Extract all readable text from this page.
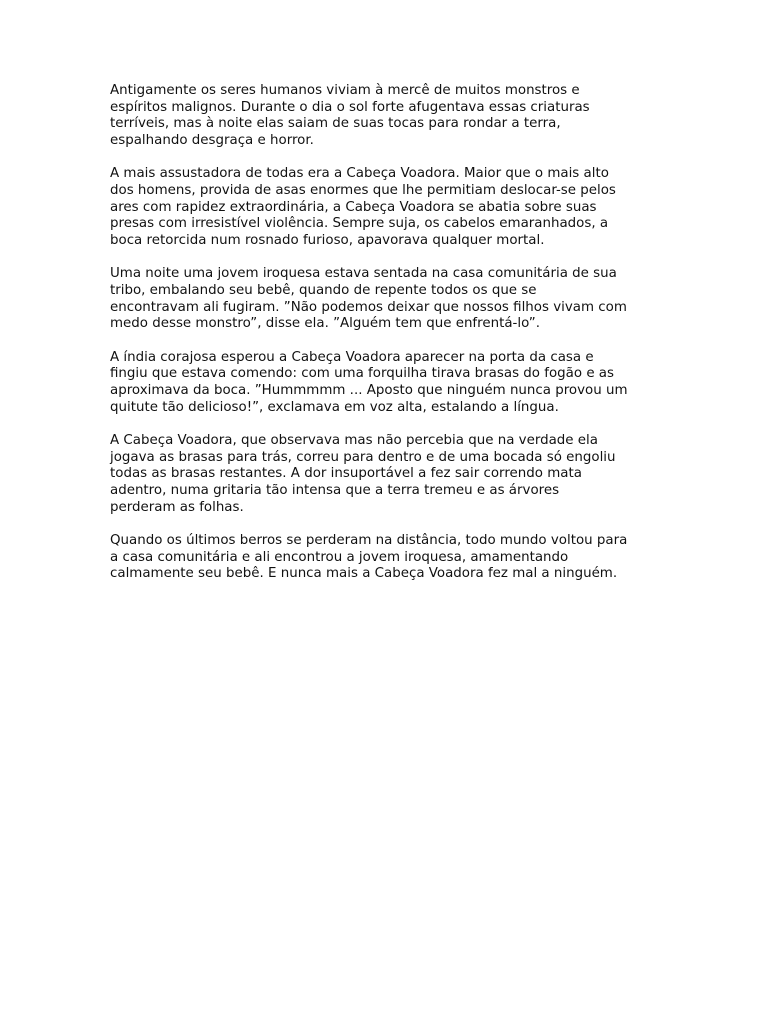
Antigamente os seres humanos viviam à mercê de muitos monstros e
espíritos malignos. Durante o dia o sol forte afugentava essas criaturas
terríveis, mas à noite elas saiam de suas tocas para rondar a terra,
espalhando desgraça e horror.

A mais assustadora de todas era a Cabeça Voadora. Maior que o mais alto
dos homens, provida de asas enormes que lhe permitiam deslocar-se pelos
ares com rapidez extraordinária, a Cabeça Voadora se abatia sobre suas
presas com irresistível violência. Sempre suja, os cabelos emaranhados, a
boca retorcida num rosnado furioso, apavorava qualquer mortal.

Uma noite uma jovem iroquesa estava sentada na casa comunitária de sua
tribo, embalando seu bebê, quando de repente todos os que se
encontravam ali fugiram. ”Não podemos deixar que nossos filhos vivam com
medo desse monstro”, disse ela. ”Alguém tem que enfrentá-lo”.

A índia corajosa esperou a Cabeça Voadora aparecer na porta da casa e
fingiu que estava comendo: com uma forquilha tirava brasas do fogão e as
aproximava da boca. ”Hummmmm ... Aposto que ninguém nunca provou um
quitute tão delicioso!”, exclamava em voz alta, estalando a língua.

A Cabeça Voadora, que observava mas não percebia que na verdade ela
jogava as brasas para trás, correu para dentro e de uma bocada só engoliu
todas as brasas restantes. A dor insuportável a fez sair correndo mata
adentro, numa gritaria tão intensa que a terra tremeu e as árvores
perderam as folhas.

Quando os últimos berros se perderam na distância, todo mundo voltou para
a casa comunitária e ali encontrou a jovem iroquesa, amamentando
calmamente seu bebê. E nunca mais a Cabeça Voadora fez mal a ninguém.
